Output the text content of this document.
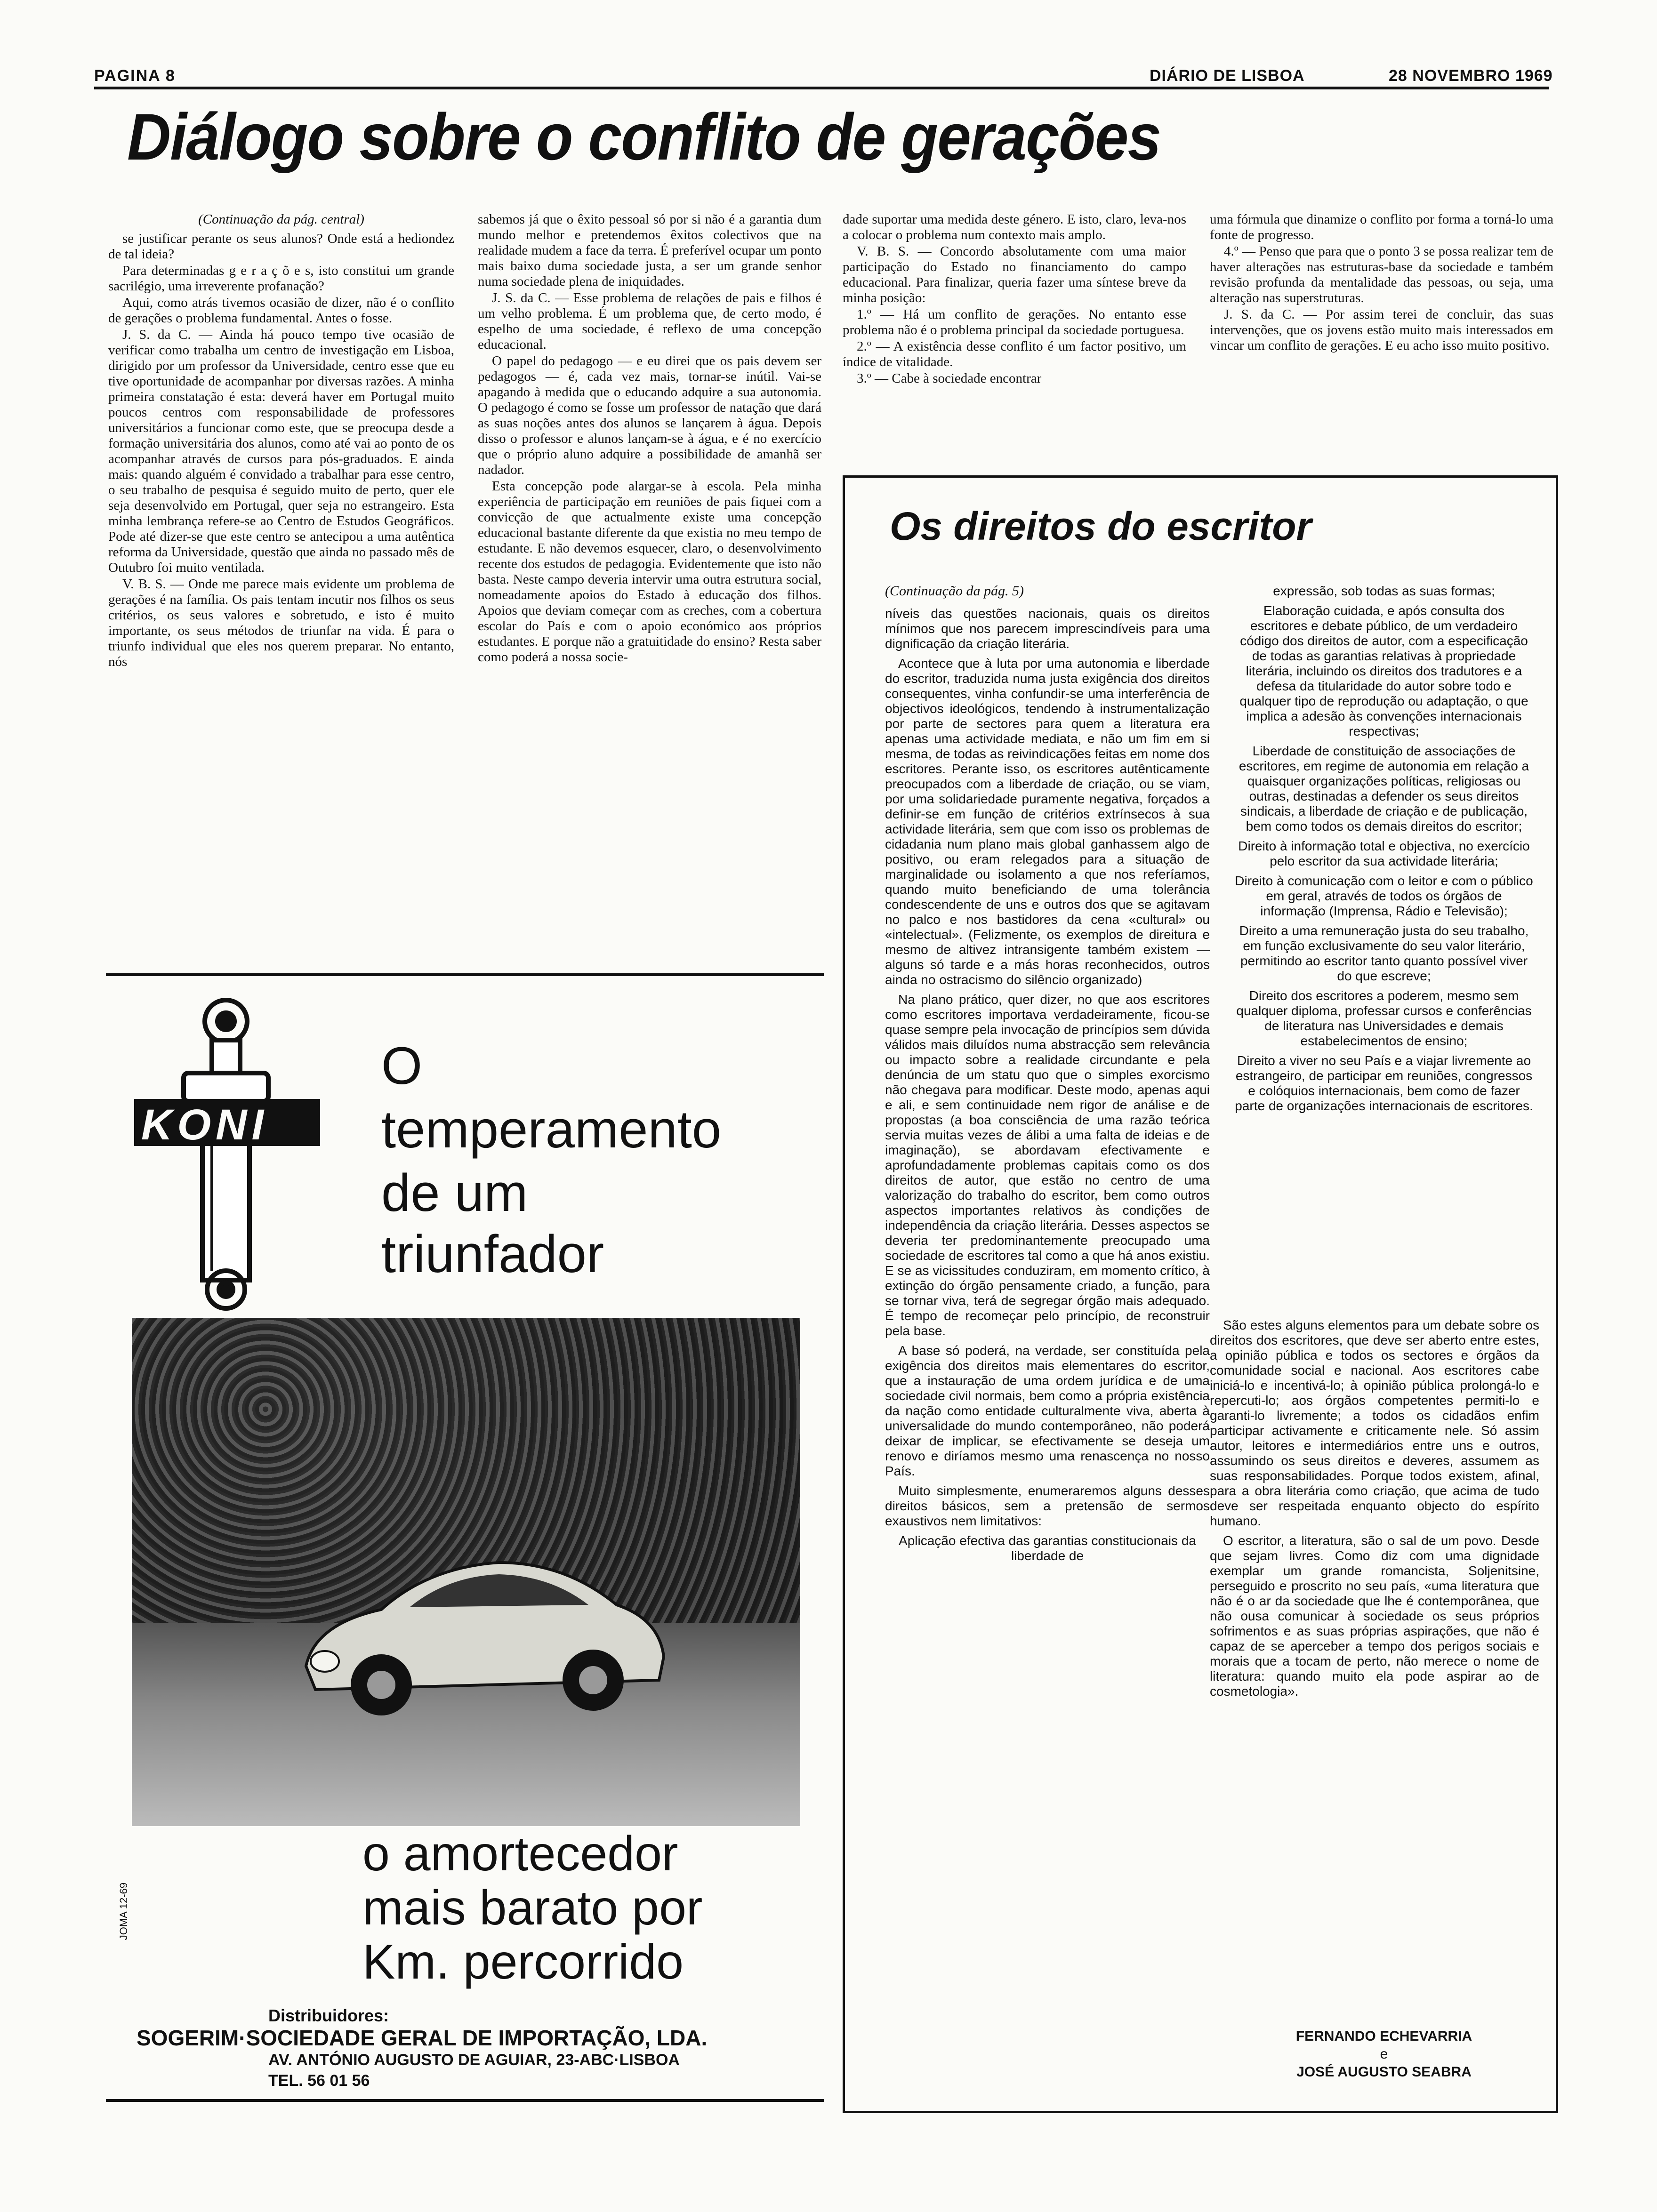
PAGINA 8	DIÁRIO DE LISBOA	28 NOVEMBRO 1969
Diálogo sobre o conflito de gerações

(Continuação da pág. central)

se justificar perante os seus alunos? Onde está a hediondez de tal ideia?

Para determinadas g e r a ç õ e s, isto constitui um grande sacrilégio, uma irreverente profanação?

Aqui, como atrás tivemos ocasião de dizer, não é o conflito de gerações o problema fundamental. Antes o fosse.

J. S. da C. — Ainda há pouco tempo tive ocasião de verificar como trabalha um centro de investigação em Lisboa, dirigido por um professor da Universidade, centro esse que eu tive oportunidade de acompanhar por diversas razões. A minha primeira constatação é esta: deverá haver em Portugal muito poucos centros com responsabilidade de professores universitários a funcionar como este, que se preocupa desde a formação universitária dos alunos, como até vai ao ponto de os acompanhar através de cursos para pós-graduados. E ainda mais: quando alguém é convidado a trabalhar para esse centro, o seu trabalho de pesquisa é seguido muito de perto, quer ele seja desenvolvido em Portugal, quer seja no estrangeiro. Esta minha lembrança refere-se ao Centro de Estudos Geográficos. Pode até dizer-se que este centro se antecipou a uma autêntica reforma da Universidade, questão que ainda no passado mês de Outubro foi muito ventilada.

V. B. S. — Onde me parece mais evidente um problema de gerações é na família. Os pais tentam incutir nos filhos os seus critérios, os seus valores e sobretudo, e isto é muito importante, os seus métodos de triunfar na vida. É para o triunfo individual que eles nos querem preparar. No entanto, nós

sabemos já que o êxito pessoal só por si não é a garantia dum mundo melhor e pretendemos êxitos colectivos que na realidade mudem a face da terra. É preferível ocupar um ponto mais baixo duma sociedade justa, a ser um grande senhor numa sociedade plena de iniquidades.

J. S. da C. — Esse problema de relações de pais e filhos é um velho problema. É um problema que, de certo modo, é espelho de uma sociedade, é reflexo de uma concepção educacional.

O papel do pedagogo — e eu direi que os pais devem ser pedagogos — é, cada vez mais, tornar-se inútil. Vai-se apagando à medida que o educando adquire a sua autonomia. O pedagogo é como se fosse um professor de natação que dará as suas noções antes dos alunos se lançarem à água. Depois disso o professor e alunos lançam-se à água, e é no exercício que o próprio aluno adquire a possibilidade de amanhã ser nadador.

Esta concepção pode alargar-se à escola. Pela minha experiência de participação em reuniões de pais fiquei com a convicção de que actualmente existe uma concepção educacional bastante diferente da que existia no meu tempo de estudante. E não devemos esquecer, claro, o desenvolvimento recente dos estudos de pedagogia. Evidentemente que isto não basta. Neste campo deveria intervir uma outra estrutura social, nomeadamente apoios do Estado à educação dos filhos. Apoios que deviam começar com as creches, com a cobertura escolar do País e com o apoio económico aos próprios estudantes. E porque não a gratuitidade do ensino? Resta saber como poderá a nossa socie-

dade suportar uma medida deste género. E isto, claro, leva-nos a colocar o problema num contexto mais amplo.

V. B. S. — Concordo absolutamente com uma maior participação do Estado no financiamento do campo educacional. Para finalizar, queria fazer uma síntese breve da minha posição:

1.º — Há um conflito de gerações. No entanto esse problema não é o problema principal da sociedade portuguesa.

2.º — A existência desse conflito é um factor positivo, um índice de vitalidade.

3.º — Cabe à sociedade encontrar

uma fórmula que dinamize o conflito por forma a torná-lo uma fonte de progresso.

4.º — Penso que para que o ponto 3 se possa realizar tem de haver alterações nas estruturas-base da sociedade e também revisão profunda da mentalidade das pessoas, ou seja, uma alteração nas superstruturas.

J. S. da C. — Por assim terei de concluir, das suas intervenções, que os jovens estão muito mais interessados em vincar um conflito de gerações. E eu acho isso muito positivo.

Os direitos do escritor

(Continuação da pág. 5)

níveis das questões nacionais, quais os direitos mínimos que nos parecem imprescindíveis para uma dignificação da criação literária.

Acontece que à luta por uma autonomia e liberdade do escritor, traduzida numa justa exigência dos direitos consequentes, vinha confundir-se uma interferência de objectivos ideológicos, tendendo à instrumentalização por parte de sectores para quem a literatura era apenas uma actividade mediata, e não um fim em si mesma, de todas as reivindicações feitas em nome dos escritores. Perante isso, os escritores autênticamente preocupados com a liberdade de criação, ou se viam, por uma solidariedade puramente negativa, forçados a definir-se em função de critérios extrínsecos à sua actividade literária, sem que com isso os problemas de cidadania num plano mais global ganhassem algo de positivo, ou eram relegados para a situação de marginalidade ou isolamento a que nos referíamos, quando muito beneficiando de uma tolerância condescendente de uns e outros dos que se agitavam no palco e nos bastidores da cena «cultural» ou «intelectual». (Felizmente, os exemplos de direitura e mesmo de altivez intransigente também existem — alguns só tarde e a más horas reconhecidos, outros ainda no ostracismo do silêncio organizado)

Na plano prático, quer dizer, no que aos escritores como escritores importava verdadeiramente, ficou-se quase sempre pela invocação de princípios sem dúvida válidos mais diluídos numa abstracção sem relevância ou impacto sobre a realidade circundante e pela denúncia de um statu quo que o simples exorcismo não chegava para modificar. Deste modo, apenas aqui e ali, e sem continuidade nem rigor de análise e de propostas (a boa consciência de uma razão teórica servia muitas vezes de álibi a uma falta de ideias e de imaginação), se abordavam efectivamente e aprofundadamente problemas capitais como os dos direitos de autor, que estão no centro de uma valorização do trabalho do escritor, bem como outros aspectos importantes relativos às condições de independência da criação literária. Desses aspectos se deveria ter predominantemente preocupado uma sociedade de escritores tal como a que há anos existiu. E se as vicissitudes conduziram, em momento crítico, à extinção do órgão pensamente criado, a função, para se tornar viva, terá de segregar órgão mais adequado. É tempo de recomeçar pelo princípio, de reconstruir pela base.

A base só poderá, na verdade, ser constituída pela exigência dos direitos mais elementares do escritor, que a instauração de uma ordem jurídica e de uma sociedade civil normais, bem como a própria existência da nação como entidade culturalmente viva, aberta à universalidade do mundo contemporâneo, não poderá deixar de implicar, se efectivamente se deseja um renovo e diríamos mesmo uma renascença no nosso País.

Muito simplesmente, enumeraremos alguns desses direitos básicos, sem a pretensão de sermos exaustivos nem limitativos:

Aplicação efectiva das garantias constitucionais da liberdade de

expressão, sob todas as suas formas;

Elaboração cuidada, e após consulta dos escritores e debate público, de um verdadeiro código dos direitos de autor, com a especificação de todas as garantias relativas à propriedade literária, incluindo os direitos dos tradutores e a defesa da titularidade do autor sobre todo e qualquer tipo de reprodução ou adaptação, o que implica a adesão às convenções internacionais respectivas;

Liberdade de constituição de associações de escritores, em regime de autonomia em relação a quaisquer organizações políticas, religiosas ou outras, destinadas a defender os seus direitos sindicais, a liberdade de criação e de publicação, bem como todos os demais direitos do escritor;

Direito à informação total e objectiva, no exercício pelo escritor da sua actividade literária;

Direito à comunicação com o leitor e com o público em geral, através de todos os órgãos de informação (Imprensa, Rádio e Televisão);

Direito a uma remuneração justa do seu trabalho, em função exclusivamente do seu valor literário, permitindo ao escritor tanto quanto possível viver do que escreve;

Direito dos escritores a poderem, mesmo sem qualquer diploma, professar cursos e conferências de literatura nas Universidades e demais estabelecimentos de ensino;

Direito a viver no seu País e a viajar livremente ao estrangeiro, de participar em reuniões, congressos e colóquios internacionais, bem como de fazer parte de organizações internacionais de escritores.

São estes alguns elementos para um debate sobre os direitos dos escritores, que deve ser aberto entre estes, a opinião pública e todos os sectores e órgãos da comunidade social e nacional. Aos escritores cabe iniciá-lo e incentivá-lo; à opinião pública prolongá-lo e repercuti-lo; aos órgãos competentes permiti-lo e garanti-lo livremente; a todos os cidadãos enfim participar activamente e criticamente nele. Só assim autor, leitores e intermediários entre uns e outros, assumindo os seus direitos e deveres, assumem as suas responsabilidades. Porque todos existem, afinal, para a obra literária como criação, que acima de tudo deve ser respeitada enquanto objecto do espírito humano.

O escritor, a literatura, são o sal de um povo. Desde que sejam livres. Como diz com uma dignidade exemplar um grande romancista, Soljenitsine, perseguido e proscrito no seu país, «uma literatura que não é o ar da sociedade que lhe é contemporânea, que não ousa comunicar à sociedade os seus próprios sofrimentos e as suas próprias aspirações, que não é capaz de se aperceber a tempo dos perigos sociais e morais que a tocam de perto, não merece o nome de literatura: quando muito ela pode aspirar ao de cosmetologia».

FERNANDO ECHEVARRIA
e
JOSÉ AUGUSTO SEABRA
KONI
O
temperamento
de um
triunfador
JOMA 12-69
o amortecedor
mais barato por
Km. percorrido
Distribuidores:
SOGERIM·SOCIEDADE GERAL DE IMPORTAÇÃO, LDA.
AV. ANTÓNIO AUGUSTO DE AGUIAR, 23-ABC·LISBOA
TEL. 56 01 56
